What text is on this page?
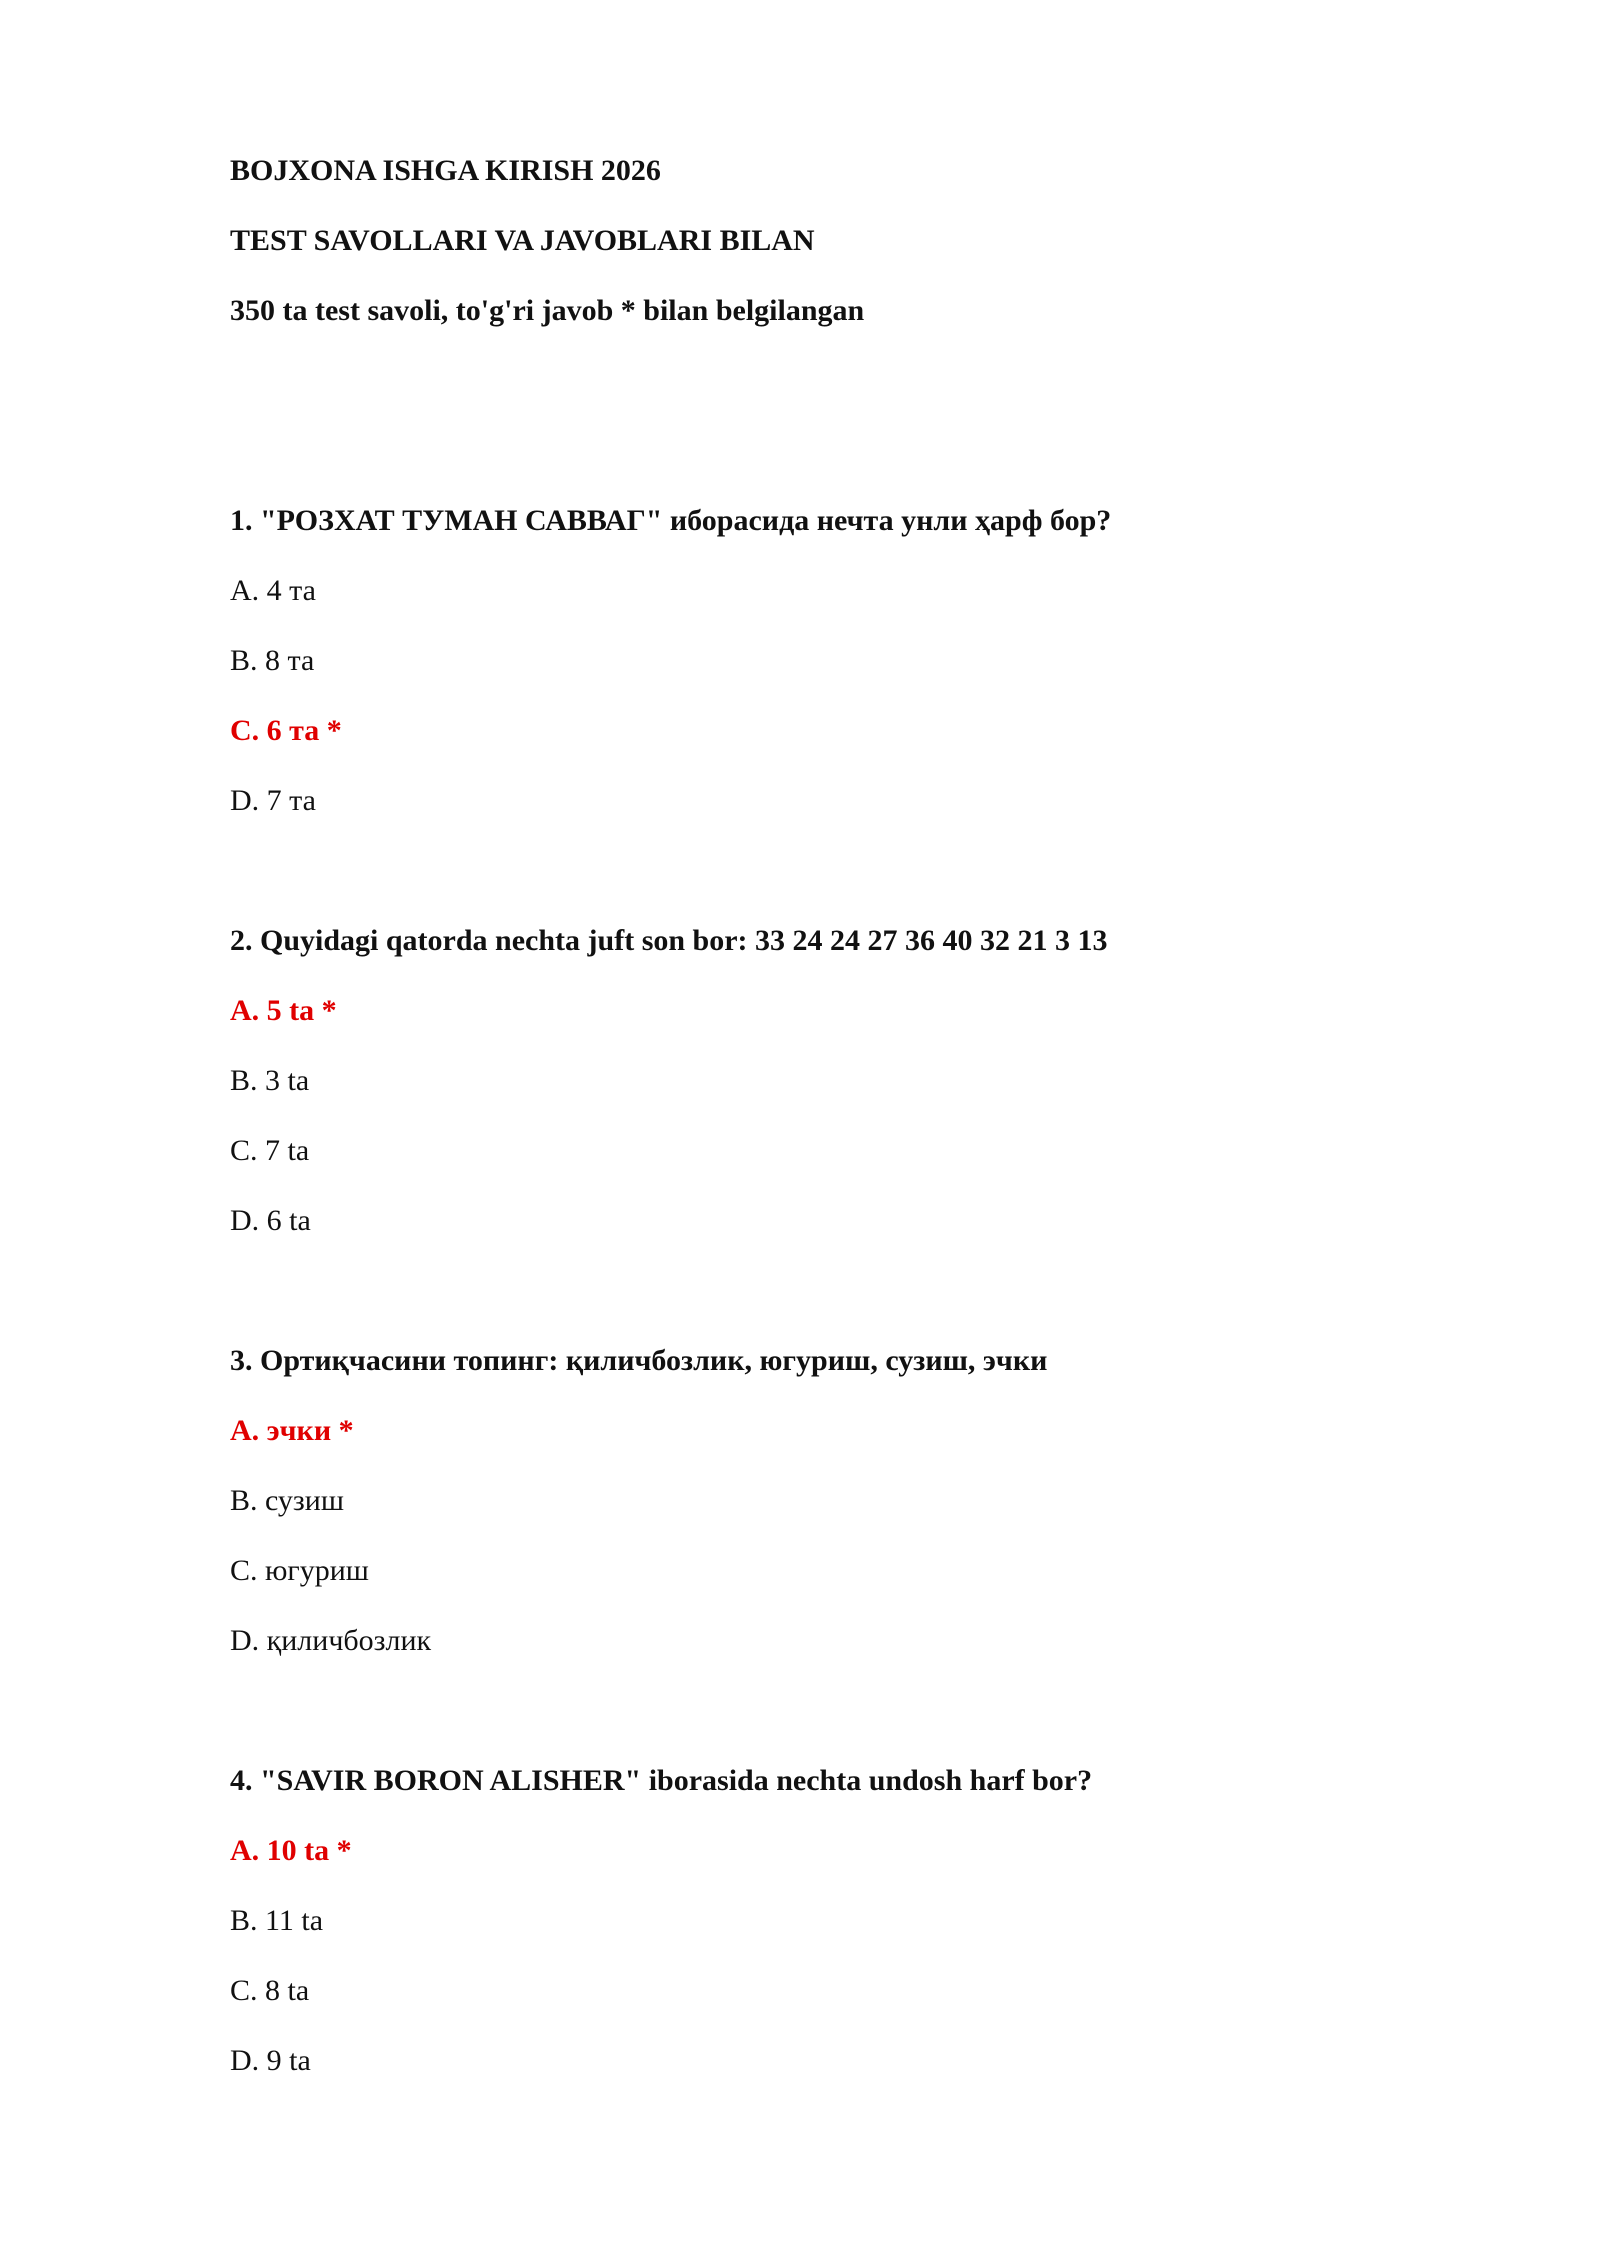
BOJXONA ISHGA KIRISH 2026

TEST SAVOLLARI VA JAVOBLARI BILAN

350 ta test savoli, to'g'ri javob * bilan belgilangan

1. "РОЗХАТ ТУМАН САВВАГ" иборасида нечта унли ҳарф бор?

A. 4 та

B. 8 та

C. 6 та *

D. 7 та

2. Quyidagi qatorda nechta juft son bor: 33 24 24 27 36 40 32 21 3 13

A. 5 ta *

B. 3 ta

C. 7 ta

D. 6 ta

3. Ортиқчасини топинг: қиличбозлик, югуриш, сузиш, эчки

A. эчки *

B. сузиш

C. югуриш

D. қиличбозлик

4. "SAVIR BORON ALISHER" iborasida nechta undosh harf bor?

A. 10 ta *

B. 11 ta

C. 8 ta

D. 9 ta
